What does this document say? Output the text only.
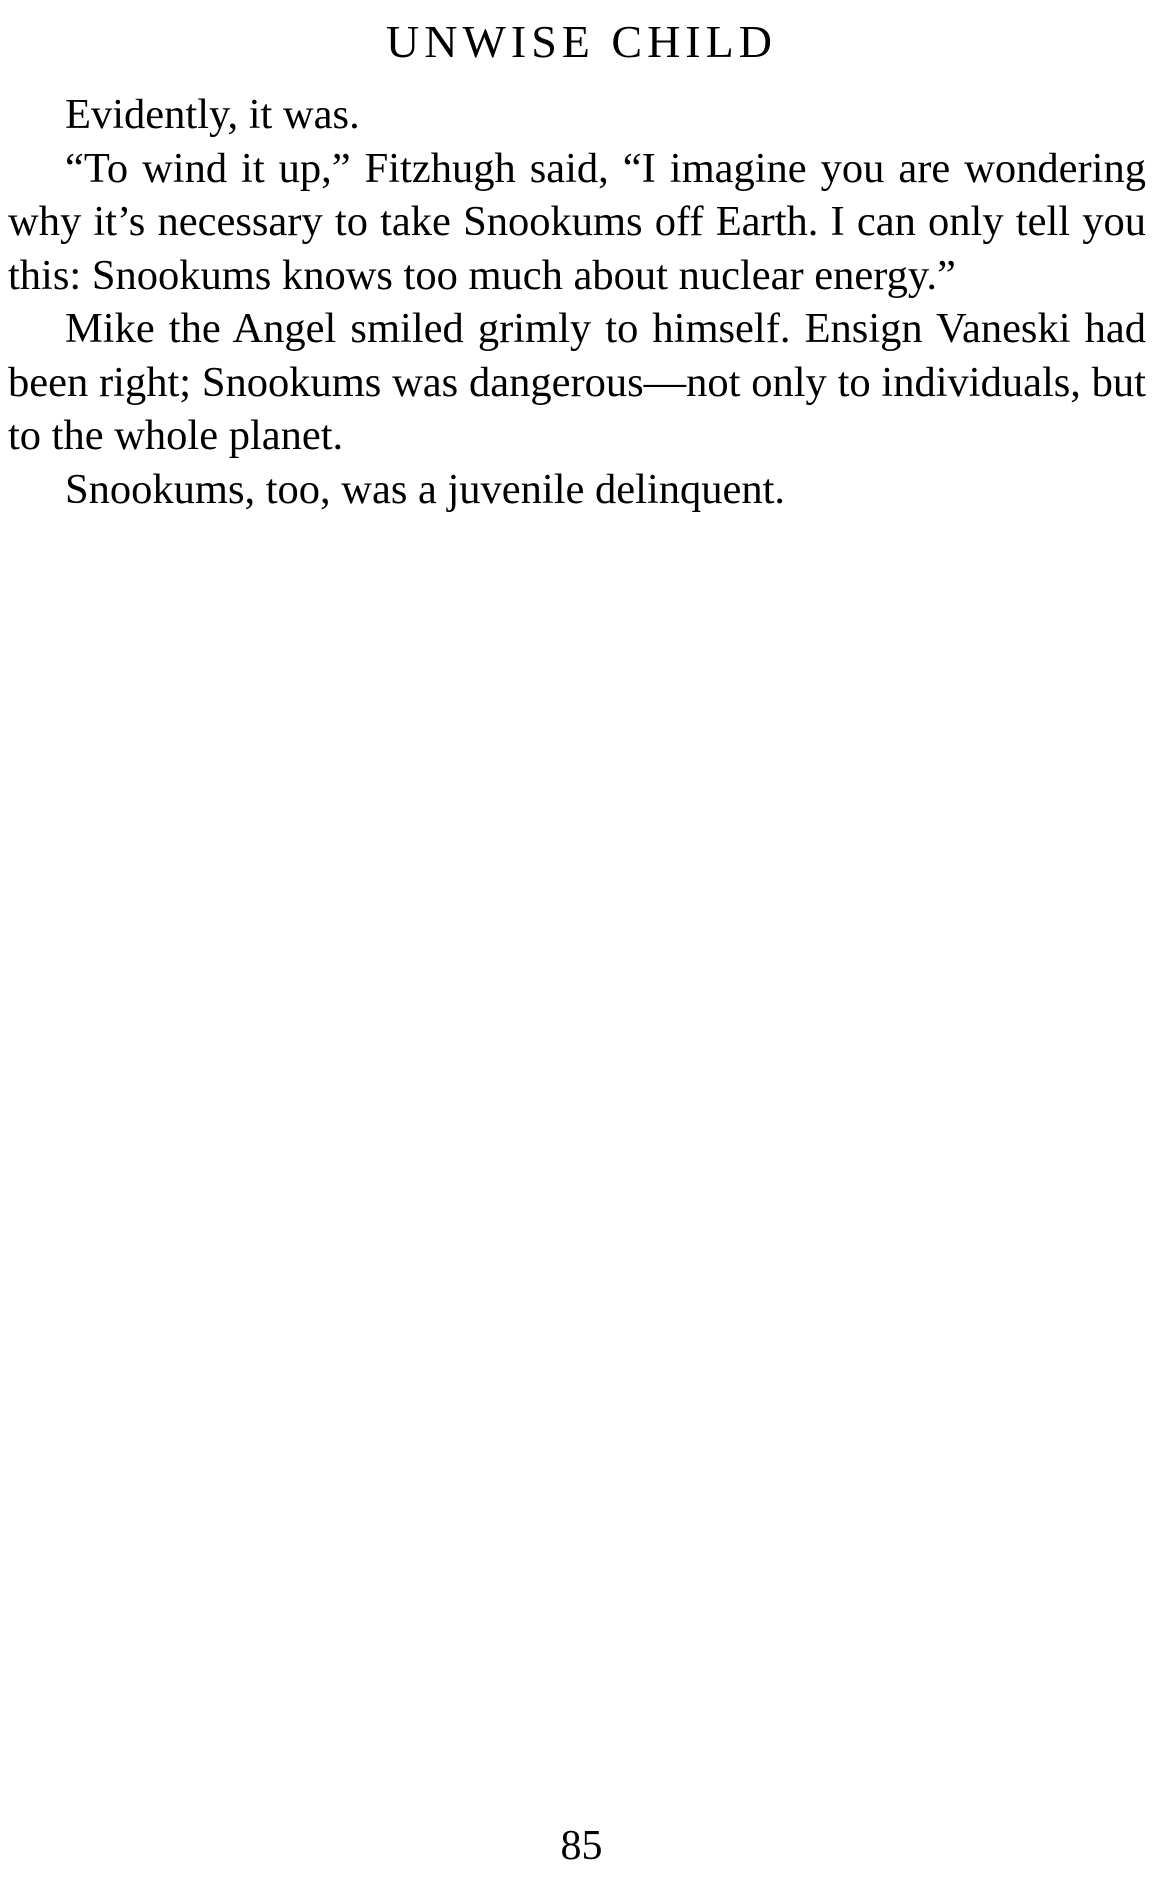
UNWISE CHILD

Evidently, it was.

“To wind it up,” Fitzhugh said, “I imagine you are wondering why it’s necessary to take Snookums off Earth. I can only tell you this: Snookums knows too much about nuclear energy.”

Mike the Angel smiled grimly to himself. Ensign Vaneski had been right; Snookums was dangerous—not only to individuals, but to the whole planet.

Snookums, too, was a juvenile delinquent.

85
